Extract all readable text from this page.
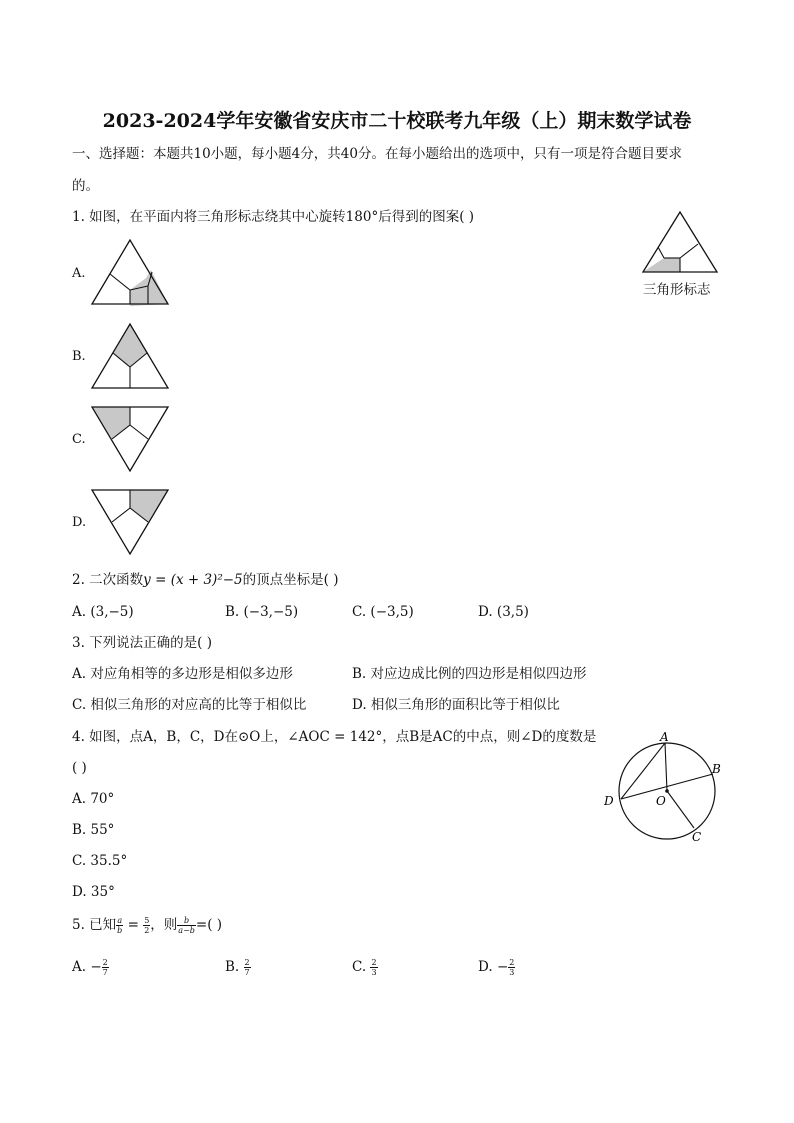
2023-2024学年安徽省安庆市二十校联考九年级（上）期末数学试卷
一、选择题：本题共10小题，每小题4分，共40分。在每小题给出的选项中，只有一项是符合题目要求
的。
1. 如图，在平面内将三角形标志绕其中心旋转180°后得到的图案( )
三角形标志
A.
B.
C.
D.
2. 二次函数y = (x + 3)²−5的顶点坐标是( )
A. (3,−5)	B. (−3,−5)	C. (−3,5)	D. (3,5)
3. 下列说法正确的是( )
A. 对应角相等的多边形是相似多边形	B. 对应边成比例的四边形是相似四边形
C. 相似三角形的对应高的比等于相似比	D. 相似三角形的面积比等于相似比
4. 如图，点A，B，C，D在⊙O上，∠AOC = 142°，点B是AC的中点，则∠D的度数是
( )
A. 70°
B. 55°
C. 35.5°
D. 35°
A
B
C
D	O
5. 已知 $\frac{a}{b} = \frac{5}{2}$ ，则 $\frac{b}{a-b}$ =( )
A. − $\frac{2}{7}$	B. $\frac{2}{7}$	C. $\frac{2}{3}$	D. − $\frac{2}{3}$
